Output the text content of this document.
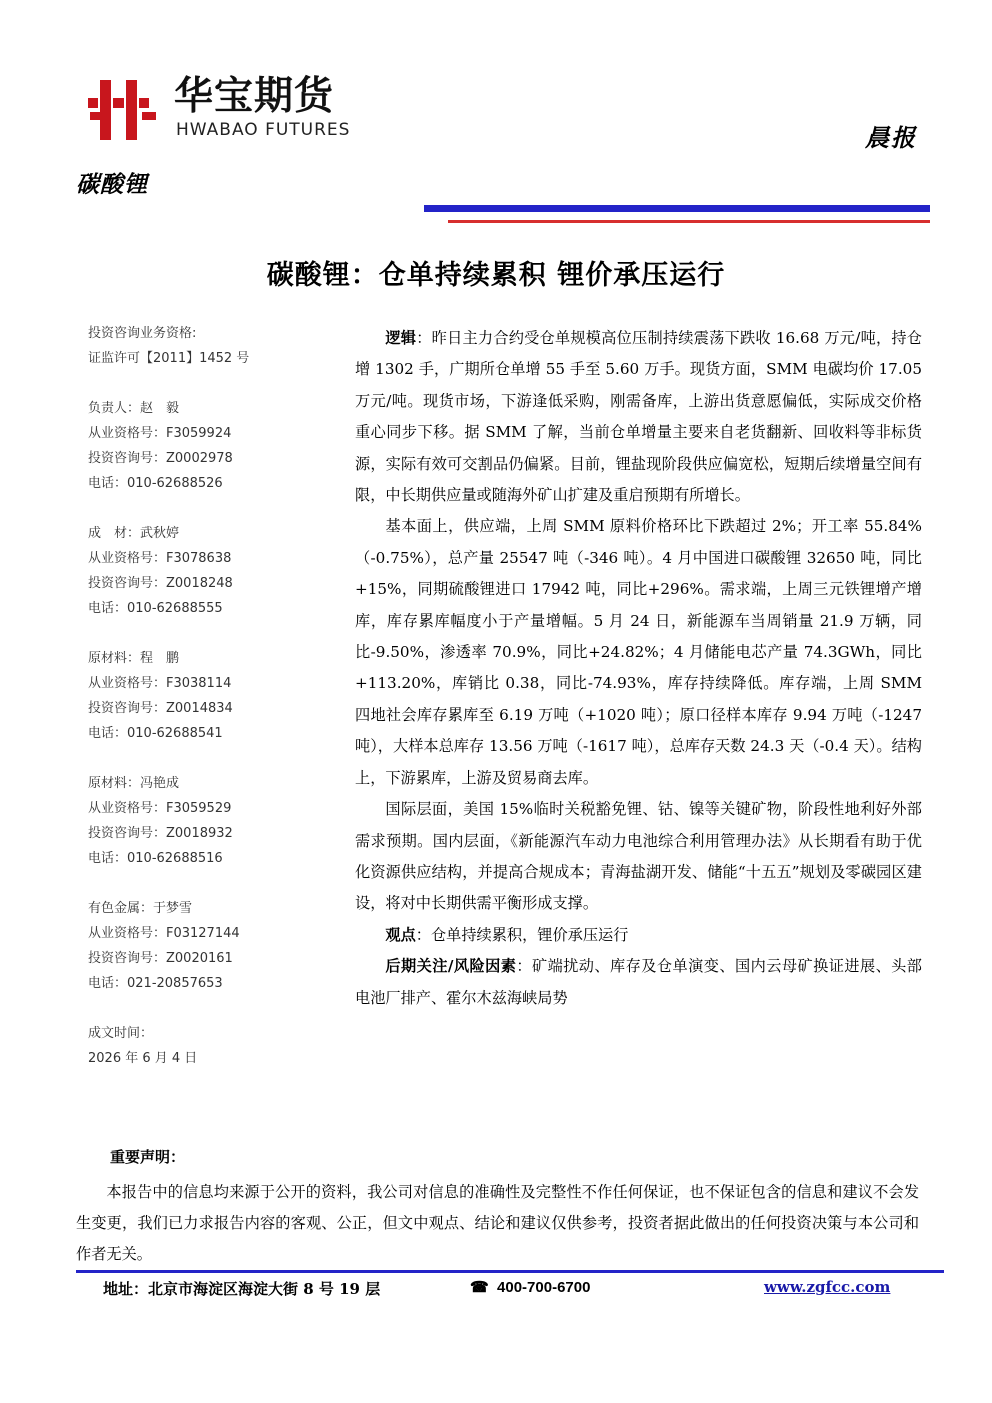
华宝期货
HWABAO FUTURES	晨报
碳酸锂
碳酸锂：仓单持续累积 锂价承压运行
投资咨询业务资格:
证监许可【2011】1452 号
负责人：赵　毅
从业资格号：F3059924
投资咨询号：Z0002978
电话：010-62688526
成　材：武秋婷
从业资格号：F3078638
投资咨询号：Z0018248
电话：010-62688555
原材料：程　鹏
从业资格号：F3038114
投资咨询号：Z0014834
电话：010-62688541
原材料：冯艳成
从业资格号：F3059529
投资咨询号：Z0018932
电话：010-62688516
有色金属：于梦雪
从业资格号：F03127144
投资咨询号：Z0020161
电话：021-20857653
成文时间：
2026 年 6 月 4 日

逻辑：昨日主力合约受仓单规模高位压制持续震荡下跌收 16.68 万元/吨，持仓增 1302 手，广期所仓单增 55 手至 5.60 万手。现货方面，SMM 电碳均价 17.05 万元/吨。现货市场，下游逢低采购，刚需备库，上游出货意愿偏低，实际成交价格重心同步下移。据 SMM 了解，当前仓单增量主要来自老货翻新、回收料等非标货源，实际有效可交割品仍偏紧。目前，锂盐现阶段供应偏宽松，短期后续增量空间有限，中长期供应量或随海外矿山扩建及重启预期有所增长。

基本面上，供应端，上周 SMM 原料价格环比下跌超过 2%；开工率 55.84%（-0.75%），总产量 25547 吨（-346 吨）。4 月中国进口碳酸锂 32650 吨，同比+15%，同期硫酸锂进口 17942 吨，同比+296%。需求端，上周三元铁锂增产增库，库存累库幅度小于产量增幅。5 月 24 日，新能源车当周销量 21.9 万辆，同比-9.50%，渗透率 70.9%，同比+24.82%；4 月储能电芯产量 74.3GWh，同比+113.20%，库销比 0.38，同比-74.93%，库存持续降低。库存端，上周 SMM 四地社会库存累库至 6.19 万吨（+1020 吨）；原口径样本库存 9.94 万吨（-1247 吨），大样本总库存 13.56 万吨（-1617 吨），总库存天数 24.3 天（-0.4 天）。结构上，下游累库，上游及贸易商去库。

国际层面，美国 15%临时关税豁免锂、钴、镍等关键矿物，阶段性地利好外部需求预期。国内层面，《新能源汽车动力电池综合利用管理办法》从长期看有助于优化资源供应结构，并提高合规成本；青海盐湖开发、储能“十五五”规划及零碳园区建设，将对中长期供需平衡形成支撑。

观点：仓单持续累积，锂价承压运行

后期关注/风险因素：矿端扰动、库存及仓单演变、国内云母矿换证进展、头部电池厂排产、霍尔木兹海峡局势

重要声明：
本报告中的信息均来源于公开的资料，我公司对信息的准确性及完整性不作任何保证，也不保证包含的信息和建议不会发生变更，我们已力求报告内容的客观、公正，但文中观点、结论和建议仅供参考，投资者据此做出的任何投资决策与本公司和作者无关。
地址：北京市海淀区海淀大街 8 号 19 层	☎ 400-700-6700	www.zgfcc.com
